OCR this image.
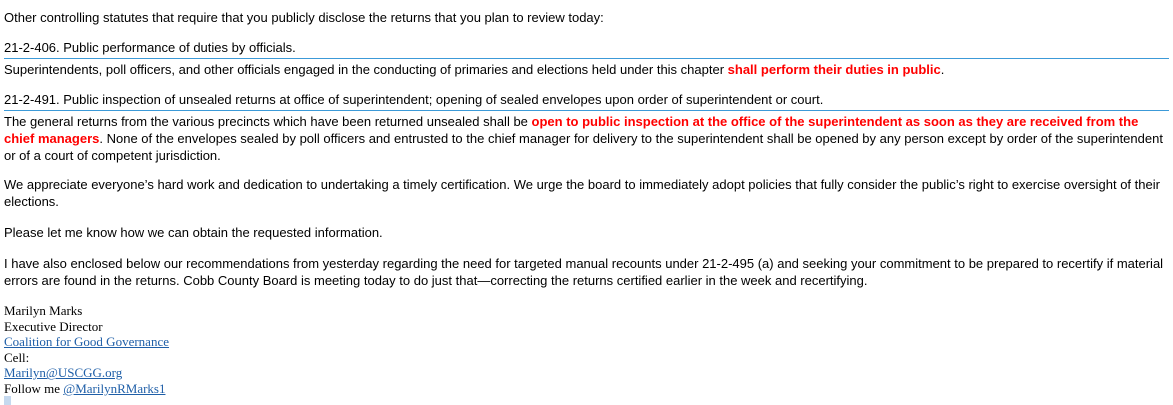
Other controlling statutes that require that you publicly disclose the returns that you plan to review today:

21-2-406. Public performance of duties by officials.

Superintendents, poll officers, and other officials engaged in the conducting of primaries and elections held under this chapter shall perform their duties in public.

21-2-491. Public inspection of unsealed returns at office of superintendent; opening of sealed envelopes upon order of superintendent or court.

The general returns from the various precincts which have been returned unsealed shall be open to public inspection at the office of the superintendent as soon as they are received from the chief managers. None of the envelopes sealed by poll officers and entrusted to the chief manager for delivery to the superintendent shall be opened by any person except by order of the superintendent or of a court of competent jurisdiction.

We appreciate everyone’s hard work and dedication to undertaking a timely certification. We urge the board to immediately adopt policies that fully consider the public’s right to exercise oversight of their elections.

Please let me know how we can obtain the requested information.

I have also enclosed below our recommendations from yesterday regarding the need for targeted manual recounts under 21-2-495 (a) and seeking your commitment to be prepared to recertify if material errors are found in the returns. Cobb County Board is meeting today to do just that—correcting the returns certified earlier in the week and recertifying.

Marilyn Marks
Executive Director
Coalition for Good Governance
Cell:
Marilyn@USCGG.org
Follow me @MarilynRMarks1
